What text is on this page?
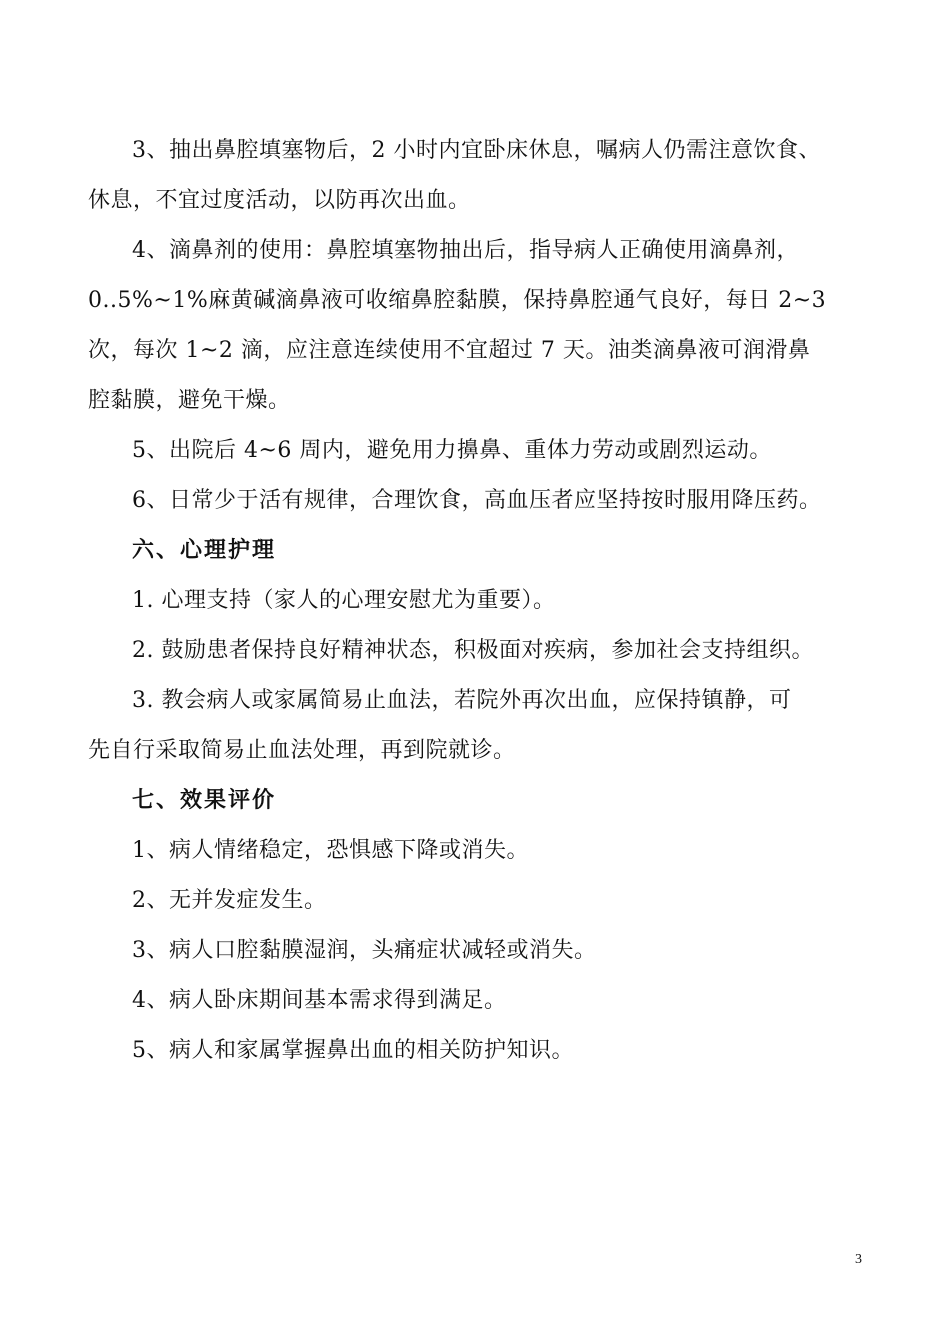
3、抽出鼻腔填塞物后，2 小时内宜卧床休息，嘱病人仍需注意饮食、
休息，不宜过度活动，以防再次出血。
4、滴鼻剂的使用：鼻腔填塞物抽出后，指导病人正确使用滴鼻剂，
0..5%~1%麻黄碱滴鼻液可收缩鼻腔黏膜，保持鼻腔通气良好，每日 2~3
次，每次 1~2 滴，应注意连续使用不宜超过 7 天。油类滴鼻液可润滑鼻
腔黏膜，避免干燥。
5、出院后 4~6 周内，避免用力擤鼻、重体力劳动或剧烈运动。
6、日常少于活有规律，合理饮食，高血压者应坚持按时服用降压药。
六、心理护理
1. 心理支持（家人的心理安慰尤为重要）。
2. 鼓励患者保持良好精神状态，积极面对疾病，参加社会支持组织。
3. 教会病人或家属简易止血法，若院外再次出血，应保持镇静，可
先自行采取简易止血法处理，再到院就诊。
七、效果评价
1、病人情绪稳定，恐惧感下降或消失。
2、无并发症发生。
3、病人口腔黏膜湿润，头痛症状减轻或消失。
4、病人卧床期间基本需求得到满足。
5、病人和家属掌握鼻出血的相关防护知识。
3
